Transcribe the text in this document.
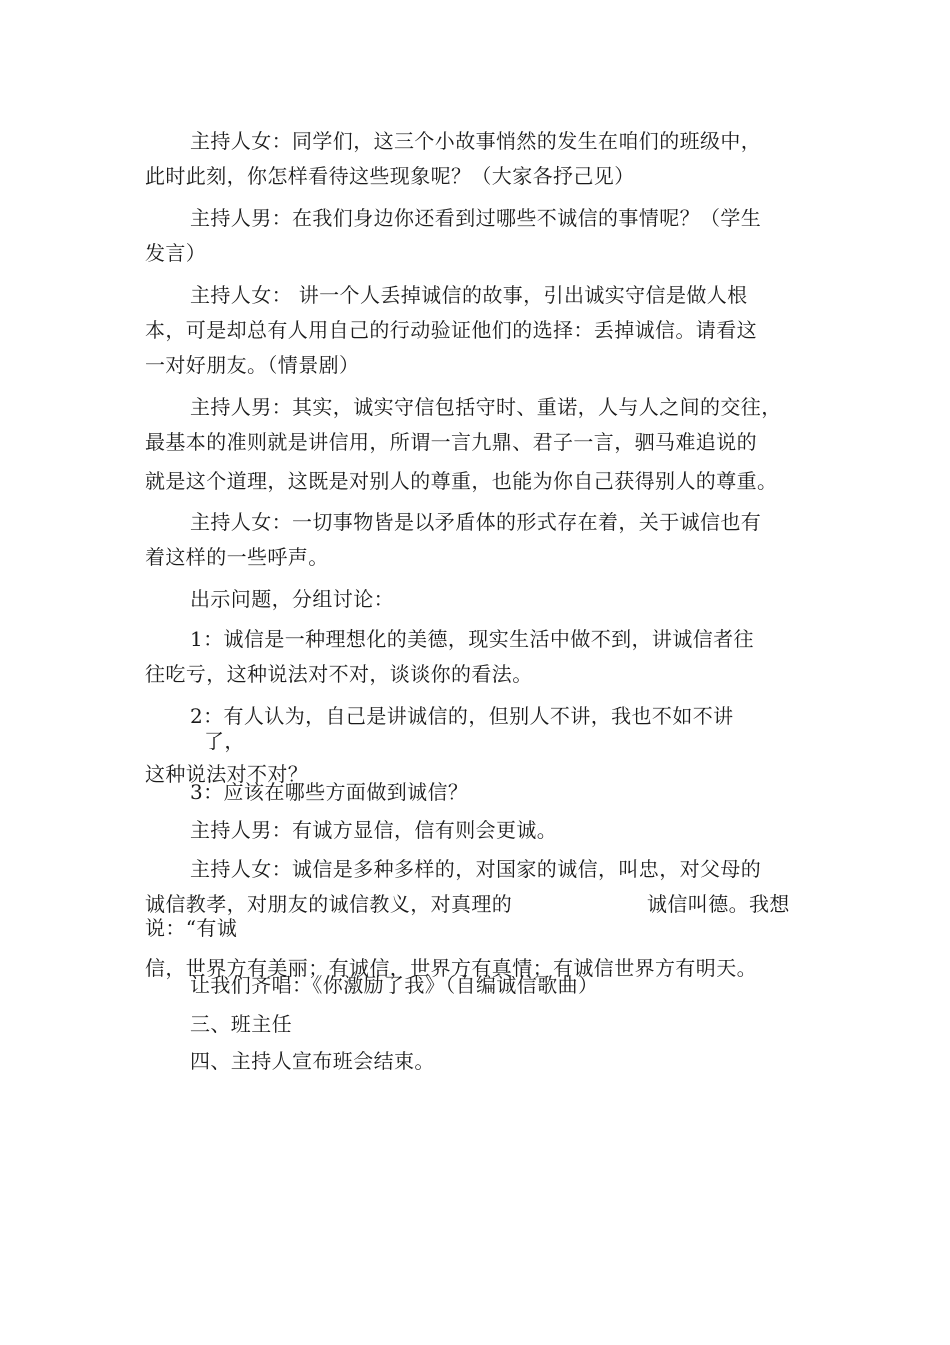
主持人女：同学们，这三个小故事悄然的发生在咱们的班级中，
此时此刻，你怎样看待这些现象呢？（大家各抒己见）
主持人男：在我们身边你还看到过哪些不诚信的事情呢？（学生
发言）
主持人女： 讲一个人丢掉诚信的故事，引出诚实守信是做人根
本，可是却总有人用自己的行动验证他们的选择：丢掉诚信。请看这
一对好朋友。（情景剧）
主持人男：其实，诚实守信包括守时、重诺，人与人之间的交往，
最基本的准则就是讲信用，所谓一言九鼎、君子一言，驷马难追说的
就是这个道理，这既是对别人的尊重，也能为你自己获得别人的尊重。
主持人女：一切事物皆是以矛盾体的形式存在着，关于诚信也有
着这样的一些呼声。
出示问题，分组讨论：
1：诚信是一种理想化的美德，现实生活中做不到，讲诚信者往
往吃亏，这种说法对不对，谈谈你的看法。
2：有人认为，自己是讲诚信的，但别人不讲，我也不如不讲
了，
这种说法对不对？
3：应该在哪些方面做到诚信？
主持人男：有诚方显信，信有则会更诚。
主持人女：诚信是多种多样的，对国家的诚信，叫忠，对父母的
诚信教孝，对朋友的诚信教义，对真理的	诚信叫德。我想
说：“有诚
信，世界方有美丽；有诚信，世界方有真情；有诚信世界方有明天。
让我们齐唱：《你激励了我》（自编诚信歌曲）
三、班主任
四、主持人宣布班会结束。
